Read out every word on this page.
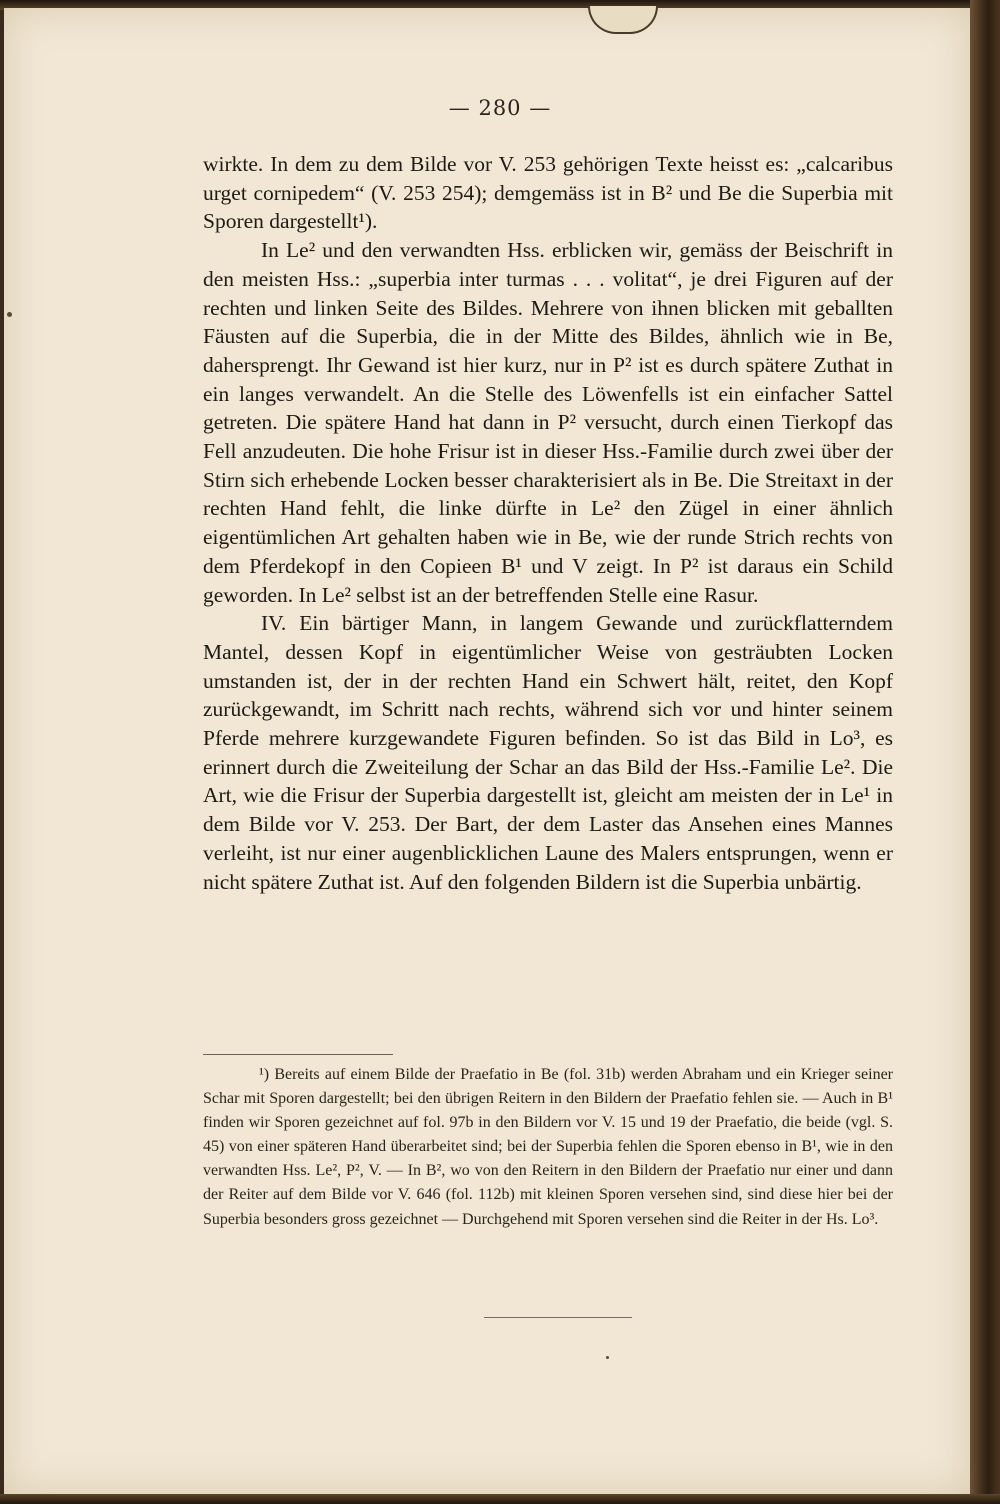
— 280 —

wirkte. In dem zu dem Bilde vor V. 253 gehörigen Texte heisst es: „calcaribus urget cornipedem“ (V. 253 254); demgemäss ist in B² und Be die Superbia mit Sporen dargestellt¹).

In Le² und den verwandten Hss. erblicken wir, gemäss der Beischrift in den meisten Hss.: „superbia inter turmas . . . volitat“, je drei Figuren auf der rechten und linken Seite des Bildes. Mehrere von ihnen blicken mit geballten Fäusten auf die Superbia, die in der Mitte des Bildes, ähnlich wie in Be, dahersprengt. Ihr Gewand ist hier kurz, nur in P² ist es durch spätere Zuthat in ein langes verwandelt. An die Stelle des Löwenfells ist ein einfacher Sattel getreten. Die spätere Hand hat dann in P² versucht, durch einen Tierkopf das Fell anzudeuten. Die hohe Frisur ist in dieser Hss.-Familie durch zwei über der Stirn sich erhebende Locken besser charakterisiert als in Be. Die Streitaxt in der rechten Hand fehlt, die linke dürfte in Le² den Zügel in einer ähnlich eigentümlichen Art gehalten haben wie in Be, wie der runde Strich rechts von dem Pferdekopf in den Copieen B¹ und V zeigt. In P² ist daraus ein Schild geworden. In Le² selbst ist an der betreffenden Stelle eine Rasur.

IV. Ein bärtiger Mann, in langem Gewande und zurückflatterndem Mantel, dessen Kopf in eigentümlicher Weise von gesträubten Locken umstanden ist, der in der rechten Hand ein Schwert hält, reitet, den Kopf zurückgewandt, im Schritt nach rechts, während sich vor und hinter seinem Pferde mehrere kurzgewandete Figuren befinden. So ist das Bild in Lo³, es erinnert durch die Zweiteilung der Schar an das Bild der Hss.-Familie Le². Die Art, wie die Frisur der Superbia dargestellt ist, gleicht am meisten der in Le¹ in dem Bilde vor V. 253. Der Bart, der dem Laster das Ansehen eines Mannes verleiht, ist nur einer augenblicklichen Laune des Malers entsprungen, wenn er nicht spätere Zuthat ist. Auf den folgenden Bildern ist die Superbia unbärtig.

¹) Bereits auf einem Bilde der Praefatio in Be (fol. 31b) werden Abraham und ein Krieger seiner Schar mit Sporen dargestellt; bei den übrigen Reitern in den Bildern der Praefatio fehlen sie. — Auch in B¹ finden wir Sporen gezeichnet auf fol. 97b in den Bildern vor V. 15 und 19 der Praefatio, die beide (vgl. S. 45) von einer späteren Hand überarbeitet sind; bei der Superbia fehlen die Sporen ebenso in B¹, wie in den verwandten Hss. Le², P², V. — In B², wo von den Reitern in den Bildern der Praefatio nur einer und dann der Reiter auf dem Bilde vor V. 646 (fol. 112b) mit kleinen Sporen versehen sind, sind diese hier bei der Superbia besonders gross gezeichnet — Durchgehend mit Sporen versehen sind die Reiter in der Hs. Lo³.
